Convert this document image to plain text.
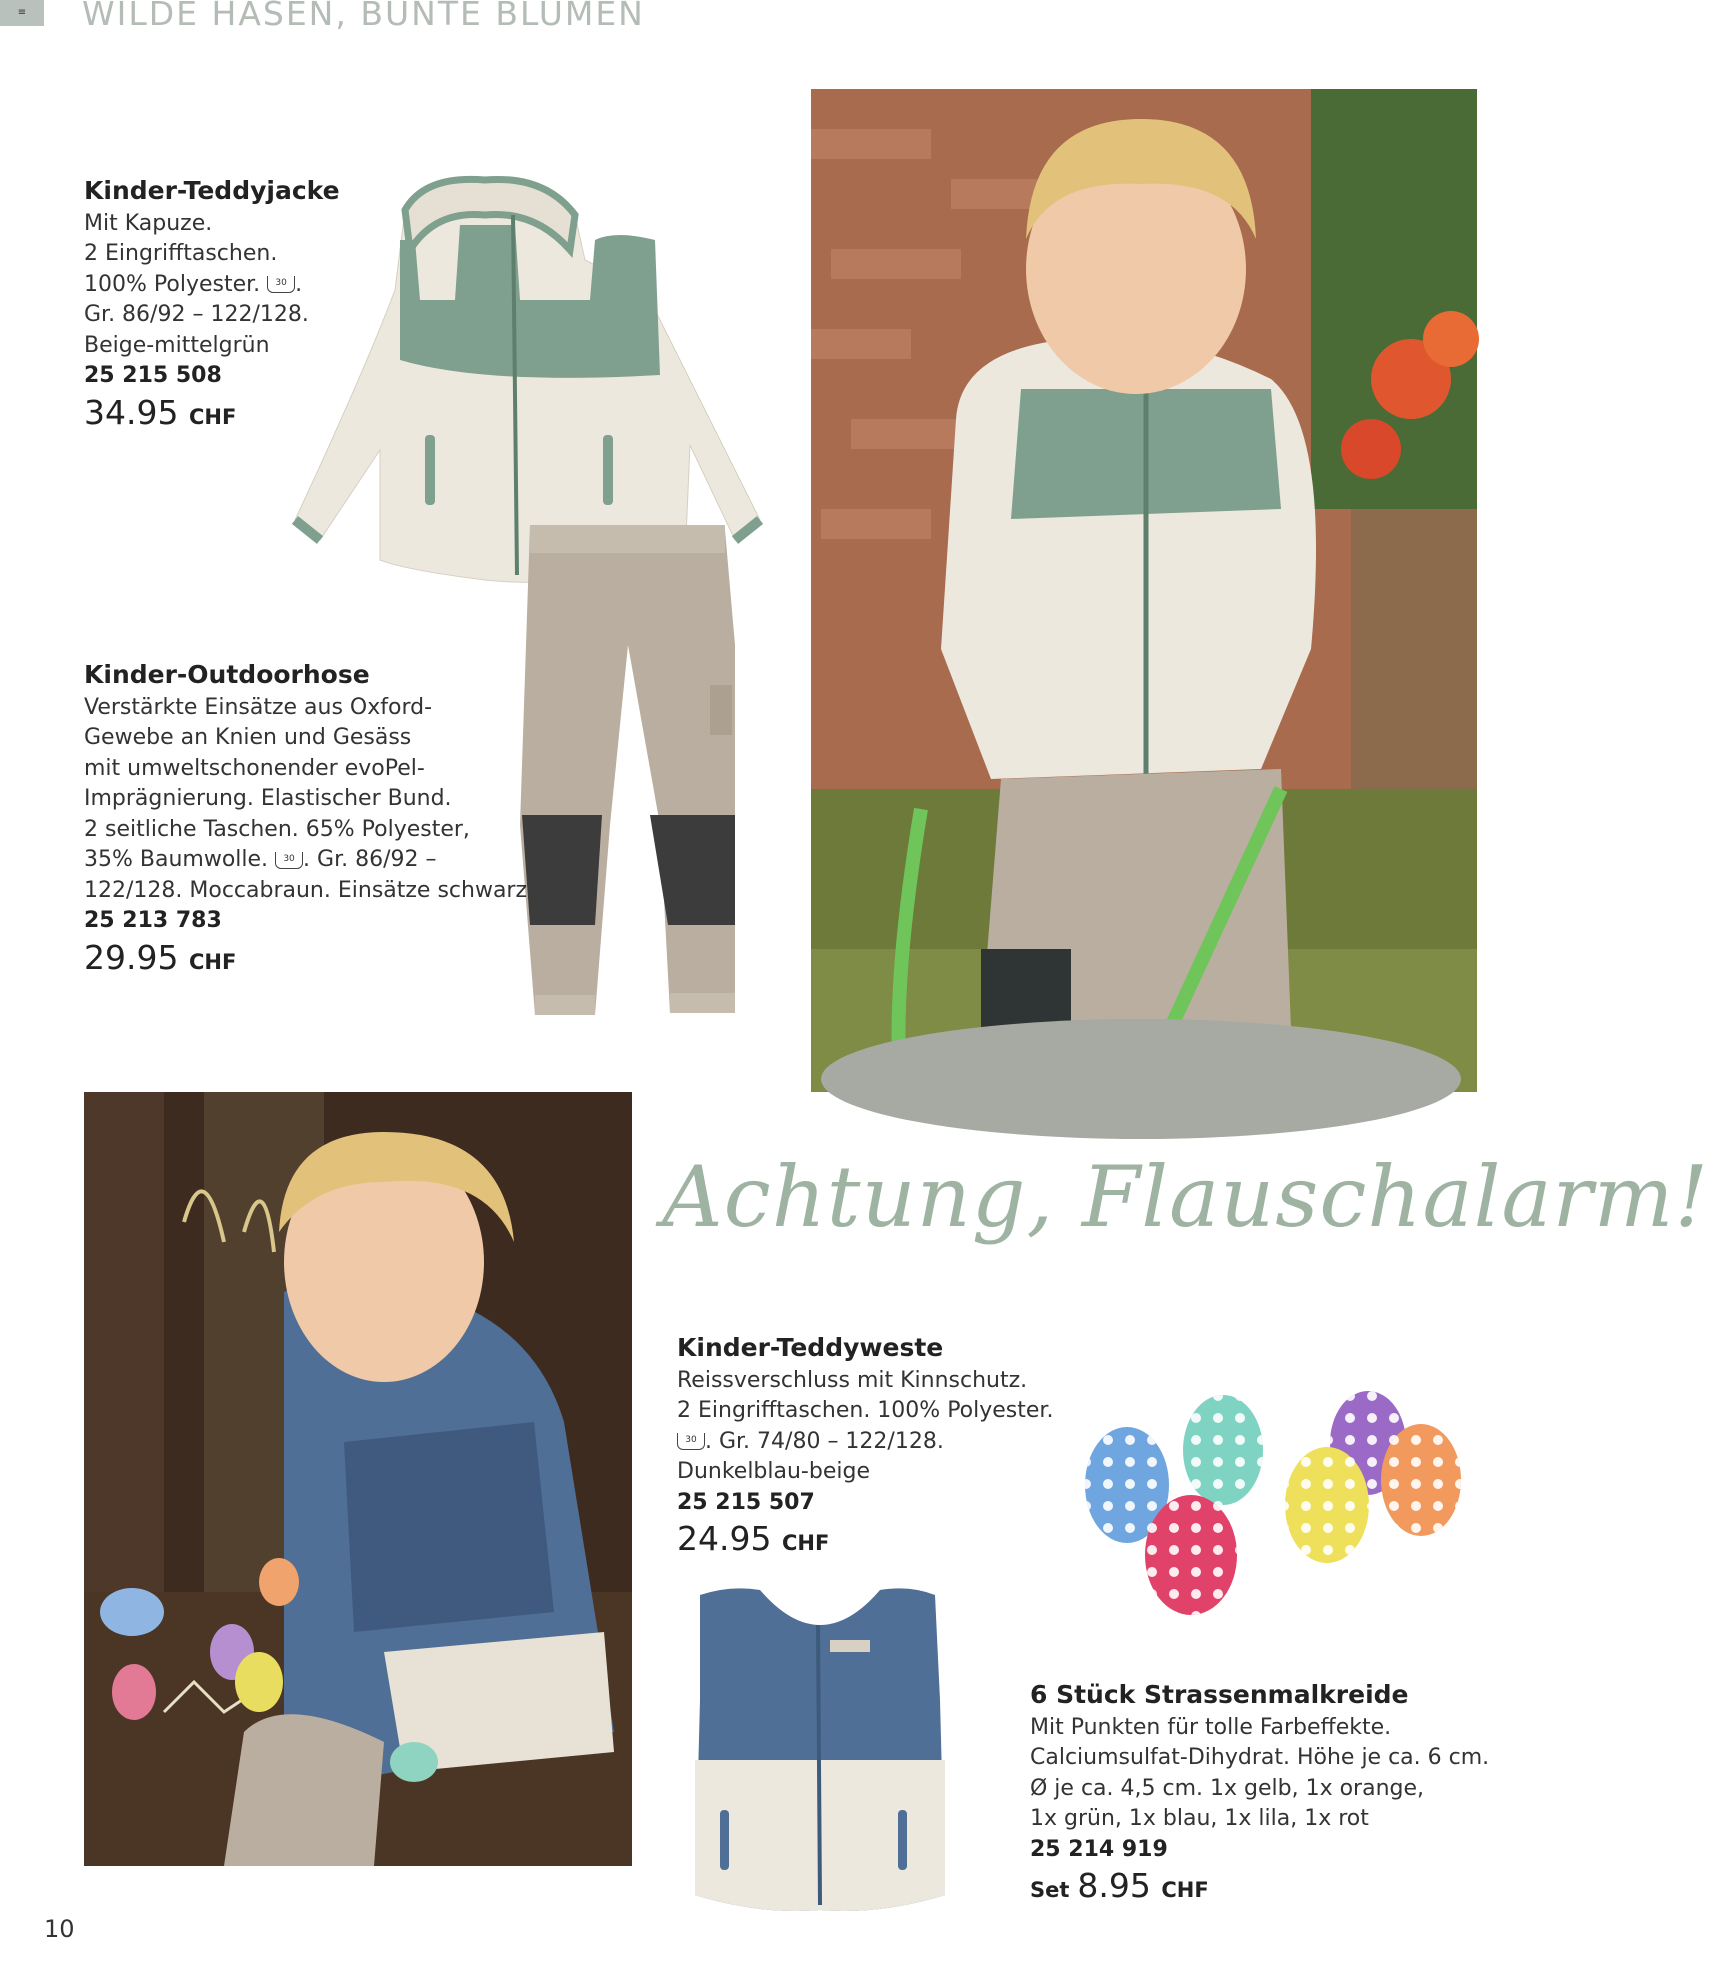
≡	WILDE HASEN, BUNTE BLUMEN
Kinder-Teddyjacke
Mit Kapuze.
2 Eingrifftaschen.
100% Polyester. 30 .
Gr. 86/92 – 122/128.
Beige-mittelgrün
25 215 508
34.95 CHF
Kinder-Outdoorhose
Verstärkte Einsätze aus Oxford-
Gewebe an Knien und Gesäss
mit umweltschonender evoPel-
Imprägnierung. Elastischer Bund.
2 seitliche Taschen. 65% Polyester,
35% Baumwolle. 30 . Gr. 86/92 –
122/128. Moccabraun. Einsätze schwarz
25 213 783
29.95 CHF
Achtung, Flauschalarm!
Kinder-Teddyweste
Reissverschluss mit Kinnschutz.
2 Eingrifftaschen. 100% Polyester.
30 . Gr. 74/80 – 122/128.
Dunkelblau-beige
25 215 507
24.95 CHF
6 Stück Strassenmalkreide
Mit Punkten für tolle Farbeffekte.
Calciumsulfat-Dihydrat. Höhe je ca. 6 cm.
Ø je ca. 4,5 cm. 1x gelb, 1x orange,
1x grün, 1x blau, 1x lila, 1x rot
25 214 919
Set 8.95 CHF
10
